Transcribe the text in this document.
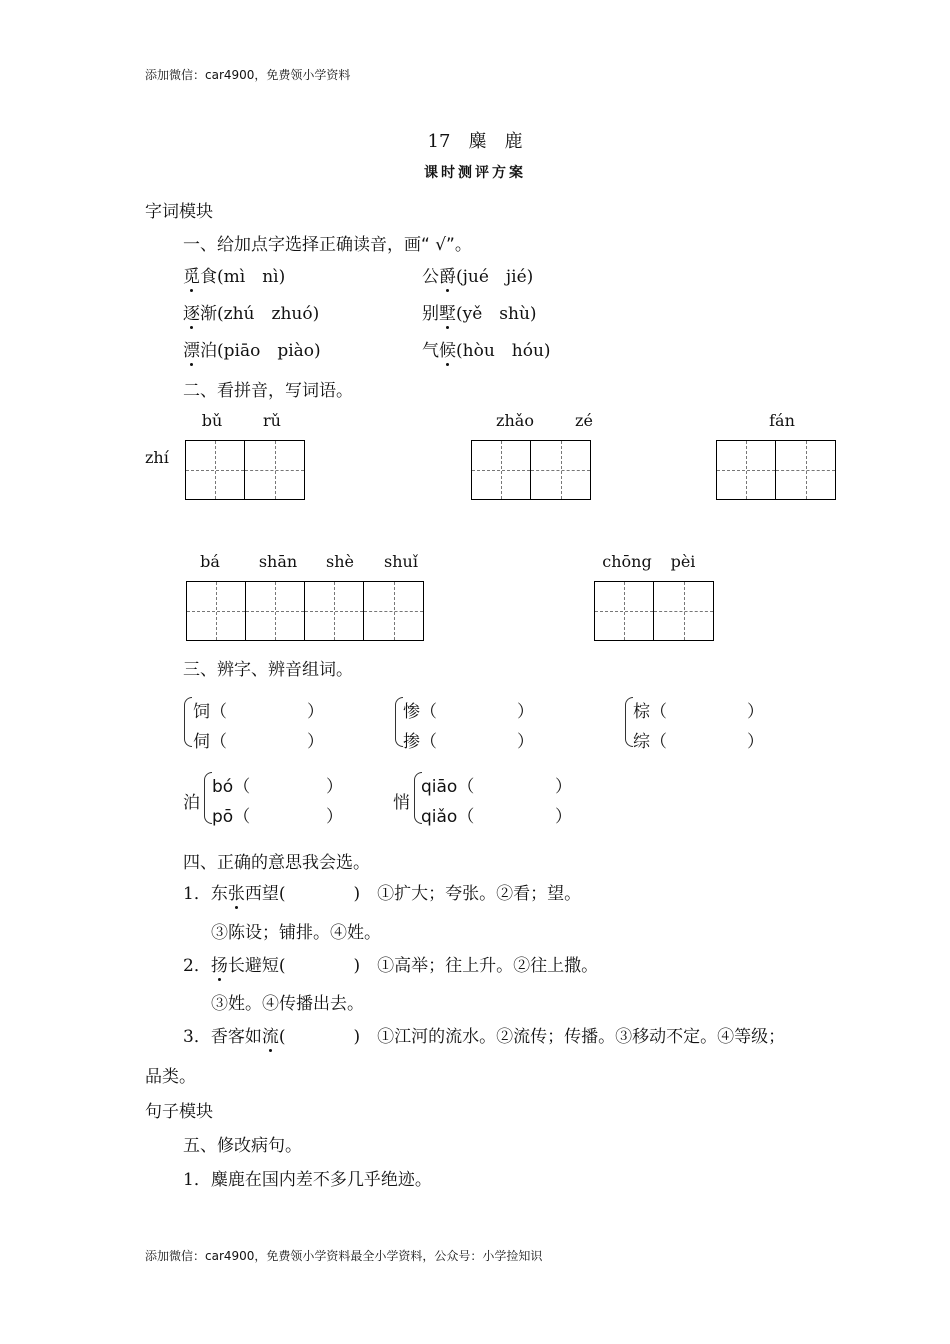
添加微信：car4900，免费领小学资料
17　麋　鹿
课时测评方案
字词模块
一、给加点字选择正确读音，画“ √”。
觅食(mì　nì)	公爵(jué　jié)
逐渐(zhú　zhuó)	别墅(yě　shù)
漂泊(piāo　piào)	气候(hòu　hóu)
二、看拼音，写词语。
zhí
bǔ	rǔ	zhǎo	zé	fán
bá	shān	shè	shuǐ	chōng	pèi
三、辨字、辨音组词。
饲（	）
伺（	）
惨（	）
掺（	）
棕（	）
综（	）
泊
bó（	）
pō（	）
悄
qiāo（	）
qiǎo（	）
四、正确的意思我会选。
1．东张西望(　　　　)　①扩大；夸张。②看；望。
③陈设；铺排。④姓。
2．扬长避短(　　　　)　①高举；往上升。②往上撒。
③姓。④传播出去。
3．香客如流(　　　　)　①江河的流水。②流传；传播。③移动不定。④等级；
品类。
句子模块
五、修改病句。
1．麋鹿在国内差不多几乎绝迹。
添加微信：car4900，免费领小学资料最全小学资料，公众号：小学捡知识
